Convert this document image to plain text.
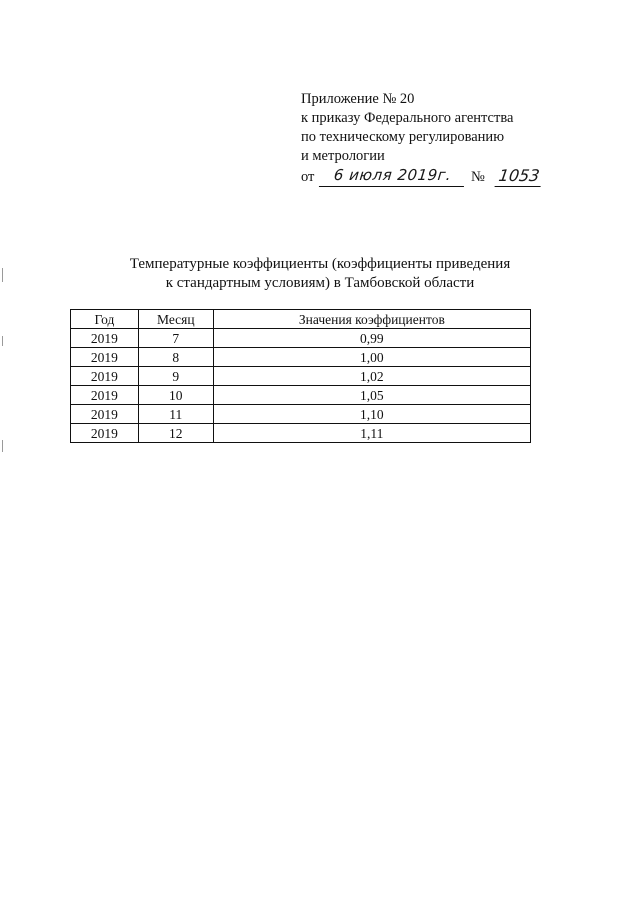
Приложение № 20
к приказу Федерального агентства
по техническому регулированию
и метрологии
от	6 июля 2019г.	№ 1053
Температурные коэффициенты (коэффициенты приведения
к стандартным условиям) в Тамбовской области
Год	Месяц	Значения коэффициентов
2019	7	0,99
2019	8	1,00
2019	9	1,02
2019	10	1,05
2019	11	1,10
2019	12	1,11
